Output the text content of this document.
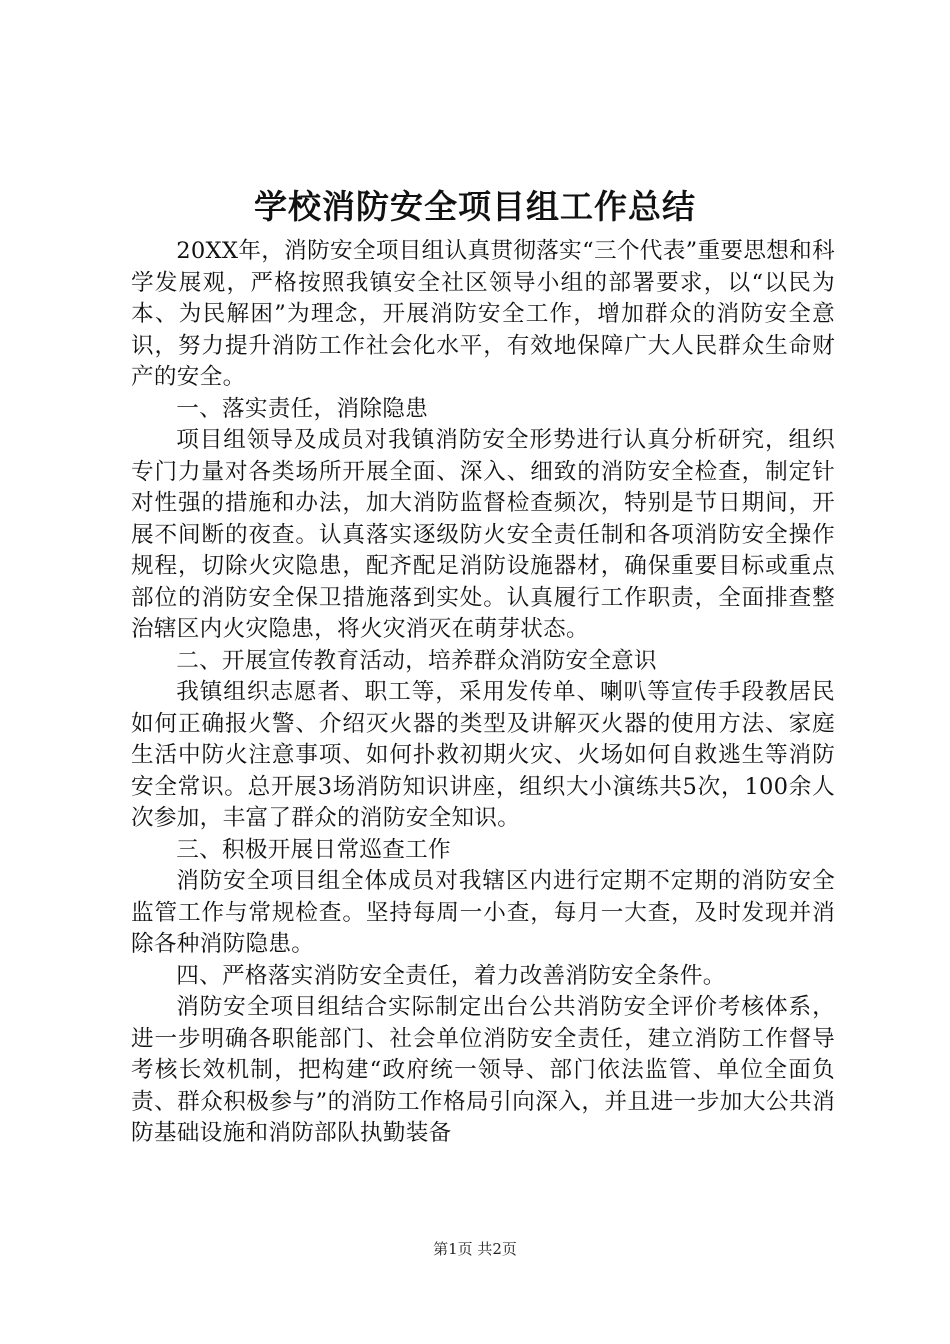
学校消防安全项目组工作总结

20XX年，消防安全项目组认真贯彻落实“三个代表”重要思想和科学发展观，严格按照我镇安全社区领导小组的部署要求，以“以民为本、为民解困”为理念，开展消防安全工作，增加群众的消防安全意识，努力提升消防工作社会化水平，有效地保障广大人民群众生命财产的安全。

一、落实责任，消除隐患

项目组领导及成员对我镇消防安全形势进行认真分析研究，组织专门力量对各类场所开展全面、深入、细致的消防安全检查，制定针对性强的措施和办法，加大消防监督检查频次，特别是节日期间，开展不间断的夜查。认真落实逐级防火安全责任制和各项消防安全操作规程，切除火灾隐患，配齐配足消防设施器材，确保重要目标或重点部位的消防安全保卫措施落到实处。认真履行工作职责，全面排查整治辖区内火灾隐患，将火灾消灭在萌芽状态。

二、开展宣传教育活动，培养群众消防安全意识

我镇组织志愿者、职工等，采用发传单、喇叭等宣传手段教居民如何正确报火警、介绍灭火器的类型及讲解灭火器的使用方法、家庭生活中防火注意事项、如何扑救初期火灾、火场如何自救逃生等消防安全常识。总开展3场消防知识讲座，组织大小演练共5次，100余人次参加，丰富了群众的消防安全知识。

三、积极开展日常巡查工作

消防安全项目组全体成员对我辖区内进行定期不定期的消防安全监管工作与常规检查。坚持每周一小查，每月一大查，及时发现并消除各种消防隐患。

四、严格落实消防安全责任，着力改善消防安全条件。

消防安全项目组结合实际制定出台公共消防安全评价考核体系，进一步明确各职能部门、社会单位消防安全责任，建立消防工作督导考核长效机制，把构建“政府统一领导、部门依法监管、单位全面负责、群众积极参与”的消防工作格局引向深入，并且进一步加大公共消防基础设施和消防部队执勤装备

第1页 共2页
